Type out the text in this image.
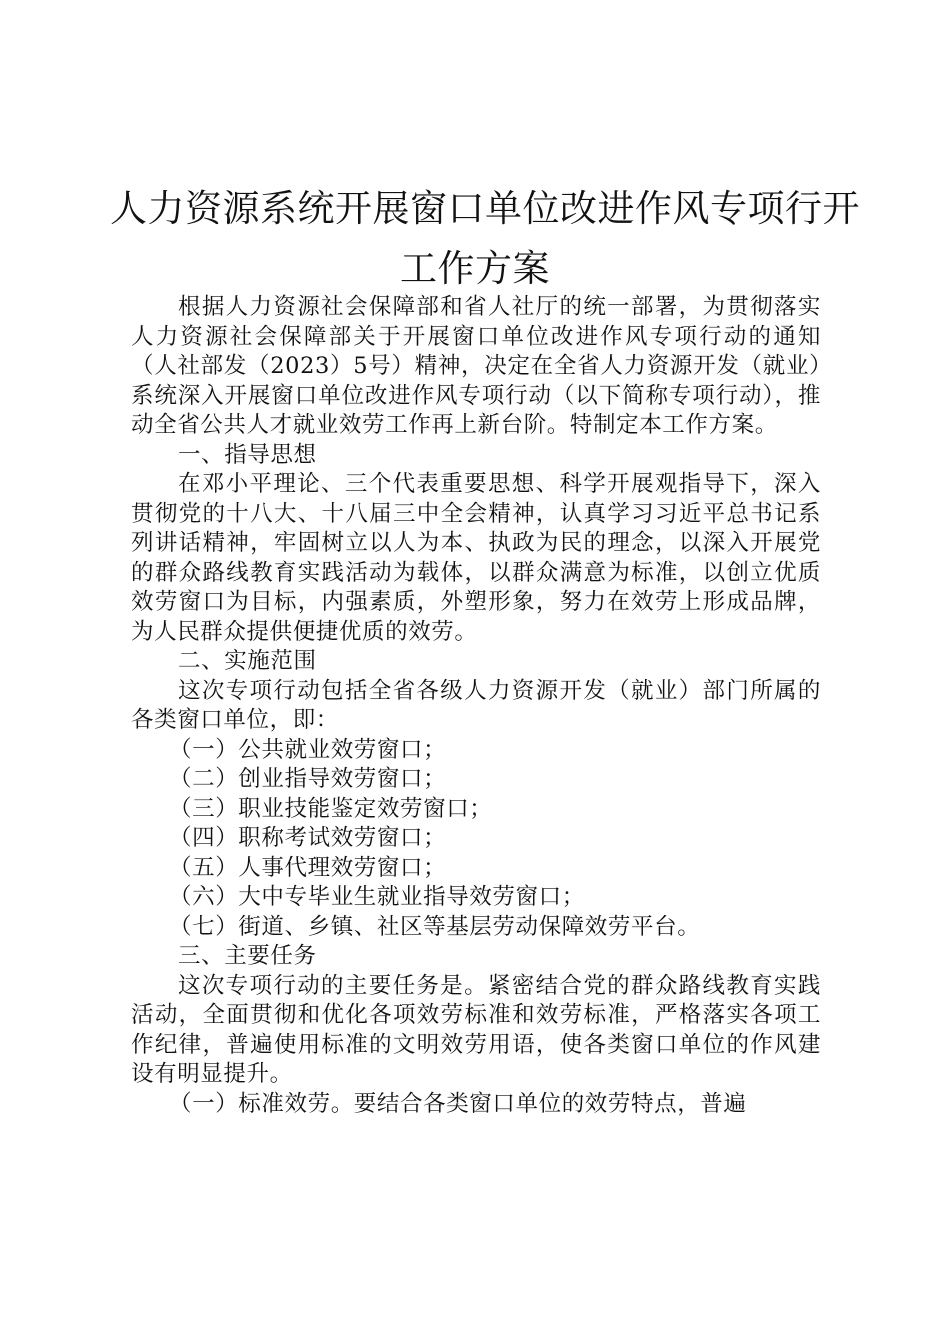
人力资源系统开展窗口单位改进作风专项行开
工作方案

根据人力资源社会保障部和省人社厅的统一部署，为贯彻落实人力资源社会保障部关于开展窗口单位改进作风专项行动的通知（人社部发（2023）5号）精神，决定在全省人力资源开发（就业）系统深入开展窗口单位改进作风专项行动（以下简称专项行动），推动全省公共人才就业效劳工作再上新台阶。特制定本工作方案。

一、指导思想

在邓小平理论、三个代表重要思想、科学开展观指导下，深入贯彻党的十八大、十八届三中全会精神，认真学习习近平总书记系列讲话精神，牢固树立以人为本、执政为民的理念，以深入开展党的群众路线教育实践活动为载体，以群众满意为标准，以创立优质效劳窗口为目标，内强素质，外塑形象，努力在效劳上形成品牌，为人民群众提供便捷优质的效劳。

二、实施范围

这次专项行动包括全省各级人力资源开发（就业）部门所属的各类窗口单位，即：

（一）公共就业效劳窗口；

（二）创业指导效劳窗口；

（三）职业技能鉴定效劳窗口；

（四）职称考试效劳窗口；

（五）人事代理效劳窗口；

（六）大中专毕业生就业指导效劳窗口；

（七）街道、乡镇、社区等基层劳动保障效劳平台。

三、主要任务

这次专项行动的主要任务是。紧密结合党的群众路线教育实践活动，全面贯彻和优化各项效劳标准和效劳标准，严格落实各项工作纪律，普遍使用标准的文明效劳用语，使各类窗口单位的作风建设有明显提升。

（一）标准效劳。要结合各类窗口单位的效劳特点，普遍
